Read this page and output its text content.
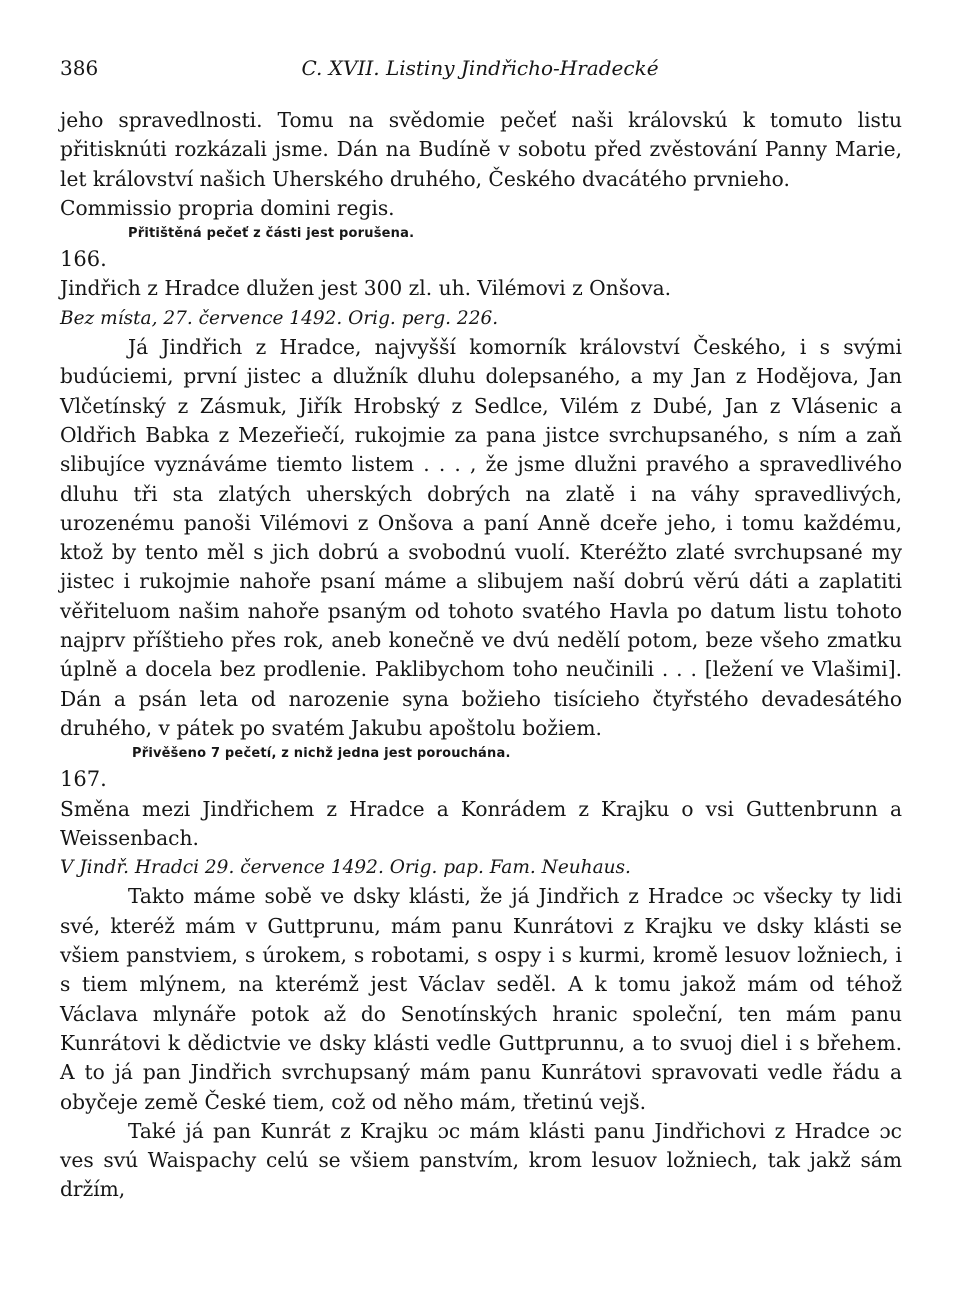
386	C. XVII. Listiny Jindřicho-Hradecké

jeho spravedlnosti. Tomu na svědomie pečeť naši královskú k tomuto listu přitisknúti rozkázali jsme. Dán na Budíně v sobotu před zvěstování Panny Marie, let království našich Uherského druhého, Českého dvacátého prvnieho.

Commissio propria domini regis.

Přitištěná pečeť z části jest porušena.

166.

Jindřich z Hradce dlužen jest 300 zl. uh. Vilémovi z Onšova.

Bez místa, 27. července 1492. Orig. perg. 226.

Já Jindřich z Hradce, najvyšší komorník království Českého, i s svými budúciemi, první jistec a dlužník dluhu dolepsaného, a my Jan z Hodějova, Jan Vlčetínský z Zásmuk, Jiřík Hrobský z Sedlce, Vilém z Dubé, Jan z Vlásenic a Oldřich Babka z Mezeřiečí, rukojmie za pana jistce svrchupsaného, s ním a zaň slibujíce vyznáváme tiemto listem . . . , že jsme dlužni pravého a spravedlivého dluhu tři sta zlatých uherských dobrých na zlatě i na váhy spravedlivých, urozenému panoši Vilémovi z Onšova a paní Anně dceře jeho, i tomu každému, ktož by tento měl s jich dobrú a svobodnú vuolí. Kteréžto zlaté svrchupsané my jistec i rukojmie nahoře psaní máme a slibujem naší dobrú věrú dáti a zaplatiti věřiteluom našim nahoře psaným od tohoto svatého Havla po datum listu tohoto najprv příštieho přes rok, aneb konečně ve dvú nedělí potom, beze všeho zmatku úplně a docela bez prodlenie. Paklibychom toho neučinili . . . [ležení ve Vlašimi]. Dán a psán leta od narozenie syna božieho tisícieho čtyřstého devadesátého druhého, v pátek po svatém Jakubu apoštolu božiem.

Přivěšeno 7 pečetí, z nichž jedna jest porouchána.

167.

Směna mezi Jindřichem z Hradce a Konrádem z Krajku o vsi Guttenbrunn a Weissenbach.

V Jindř. Hradci 29. července 1492. Orig. pap. Fam. Neuhaus.

Takto máme sobě ve dsky klásti, že já Jindřich z Hradce ɔc všecky ty lidi své, kteréž mám v Guttprunu, mám panu Kunrátovi z Krajku ve dsky klásti se všiem panstviem, s úrokem, s robotami, s ospy i s kurmi, kromě lesuov ložniech, i s tiem mlýnem, na kterémž jest Václav seděl. A k tomu jakož mám od téhož Václava mlynáře potok až do Senotínských hranic společní, ten mám panu Kunrátovi k dědictvie ve dsky klásti vedle Guttprunnu, a to svuoj diel i s břehem. A to já pan Jindřich svrchupsaný mám panu Kunrátovi spravovati vedle řádu a obyčeje země České tiem, což od něho mám, třetinú vejš.

Také já pan Kunrát z Krajku ɔc mám klásti panu Jindřichovi z Hradce ɔc ves svú Waispachy celú se všiem panstvím, krom lesuov ložniech, tak jakž sám držím,
